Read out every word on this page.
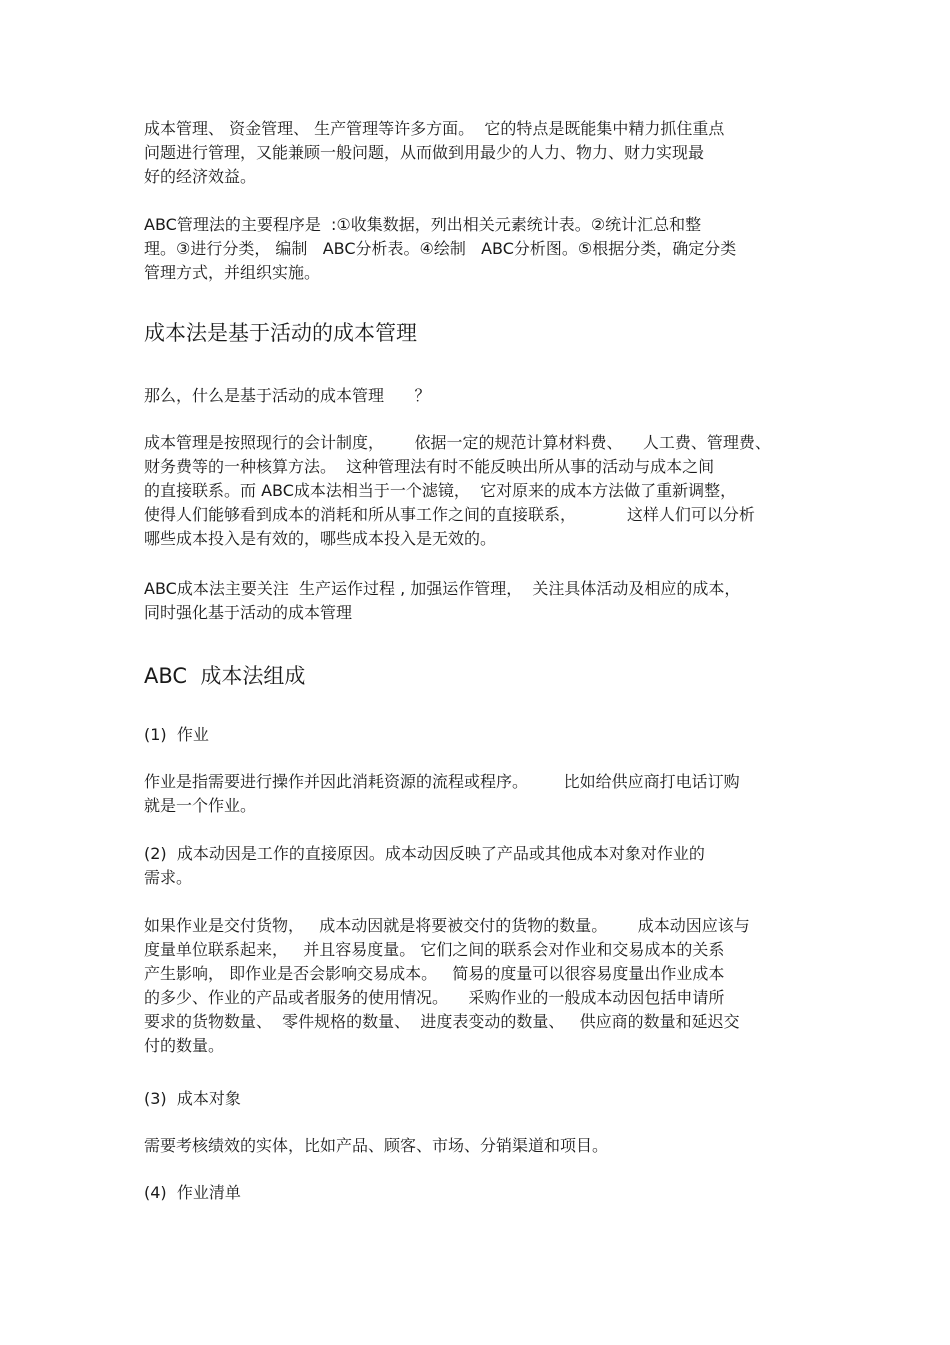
成本管理、 资金管理、 生产管理等许多方面。  它的特点是既能集中精力抓住重点
问题进行管理，又能兼顾一般问题，从而做到用最少的人力、物力、财力实现最
好的经济效益。

ABC管理法的主要程序是  :①收集数据，列出相关元素统计表。②统计汇总和整
理。③进行分类， 编制   ABC分析表。④绘制   ABC分析图。⑤根据分类，确定分类
管理方式，并组织实施。

成本法是基于活动的成本管理

那么，什么是基于活动的成本管理      ？

成本管理是按照现行的会计制度，      依据一定的规范计算材料费、    人工费、管理费、
财务费等的一种核算方法。  这种管理法有时不能反映出所从事的活动与成本之间
的直接联系。而 ABC成本法相当于一个滤镜，  它对原来的成本方法做了重新调整，
使得人们能够看到成本的消耗和所从事工作之间的直接联系，          这样人们可以分析
哪些成本投入是有效的，哪些成本投入是无效的。

ABC成本法主要关注  生产运作过程 , 加强运作管理，  关注具体活动及相应的成本，
同时强化基于活动的成本管理

ABC  成本法组成

(1)  作业

作业是指需要进行操作并因此消耗资源的流程或程序。       比如给供应商打电话订购
就是一个作业。

(2)  成本动因是工作的直接原因。成本动因反映了产品或其他成本对象对作业的
需求。

如果作业是交付货物，   成本动因就是将要被交付的货物的数量。      成本动因应该与
度量单位联系起来，   并且容易度量。 它们之间的联系会对作业和交易成本的关系
产生影响， 即作业是否会影响交易成本。   简易的度量可以很容易度量出作业成本
的多少、作业的产品或者服务的使用情况。    采购作业的一般成本动因包括申请所
要求的货物数量、  零件规格的数量、  进度表变动的数量、   供应商的数量和延迟交
付的数量。

(3)  成本对象

需要考核绩效的实体，比如产品、顾客、市场、分销渠道和项目。

(4)  作业清单
